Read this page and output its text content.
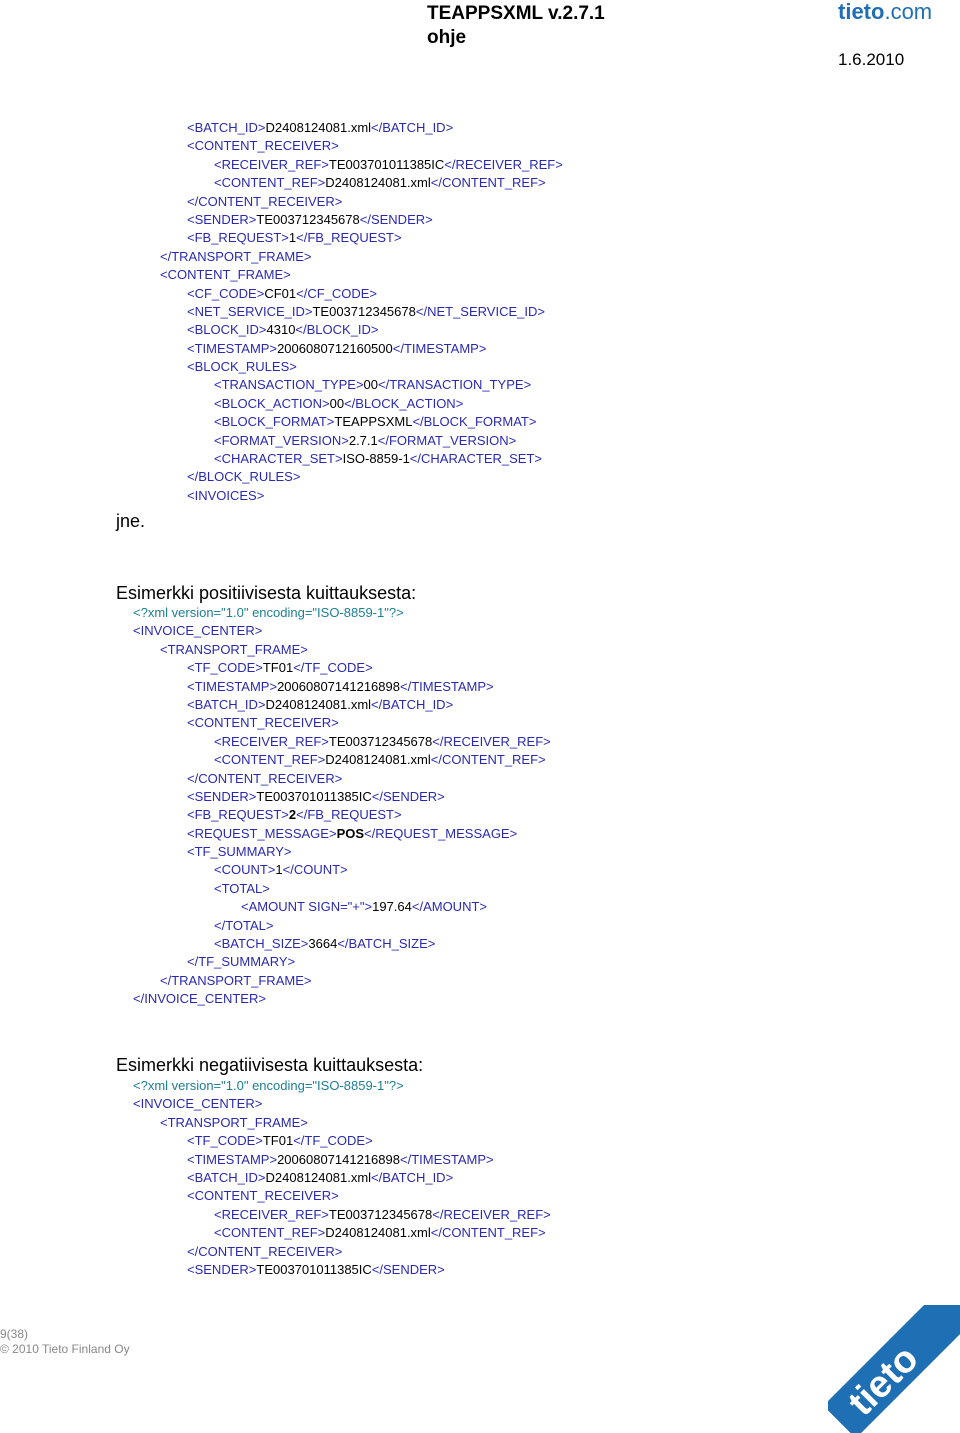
TEAPPSXML v.2.7.1
ohje
tieto.com
1.6.2010
<BATCH_ID>D2408124081.xml</BATCH_ID>
<CONTENT_RECEIVER>
<RECEIVER_REF>TE003701011385IC</RECEIVER_REF>
<CONTENT_REF>D2408124081.xml</CONTENT_REF>
</CONTENT_RECEIVER>
<SENDER>TE003712345678</SENDER>
<FB_REQUEST>1</FB_REQUEST>
</TRANSPORT_FRAME>
<CONTENT_FRAME>
<CF_CODE>CF01</CF_CODE>
<NET_SERVICE_ID>TE003712345678</NET_SERVICE_ID>
<BLOCK_ID>4310</BLOCK_ID>
<TIMESTAMP>2006080712160500</TIMESTAMP>
<BLOCK_RULES>
<TRANSACTION_TYPE>00</TRANSACTION_TYPE>
<BLOCK_ACTION>00</BLOCK_ACTION>
<BLOCK_FORMAT>TEAPPSXML</BLOCK_FORMAT>
<FORMAT_VERSION>2.7.1</FORMAT_VERSION>
<CHARACTER_SET>ISO-8859-1</CHARACTER_SET>
</BLOCK_RULES>
<INVOICES>
jne.
Esimerkki positiivisesta kuittauksesta:
<?xml version="1.0" encoding="ISO-8859-1"?>
<INVOICE_CENTER>
<TRANSPORT_FRAME>
<TF_CODE>TF01</TF_CODE>
<TIMESTAMP>20060807141216898</TIMESTAMP>
<BATCH_ID>D2408124081.xml</BATCH_ID>
<CONTENT_RECEIVER>
<RECEIVER_REF>TE003712345678</RECEIVER_REF>
<CONTENT_REF>D2408124081.xml</CONTENT_REF>
</CONTENT_RECEIVER>
<SENDER>TE003701011385IC</SENDER>
<FB_REQUEST>2</FB_REQUEST>
<REQUEST_MESSAGE>POS</REQUEST_MESSAGE>
<TF_SUMMARY>
<COUNT>1</COUNT>
<TOTAL>
<AMOUNT SIGN="+">197.64</AMOUNT>
</TOTAL>
<BATCH_SIZE>3664</BATCH_SIZE>
</TF_SUMMARY>
</TRANSPORT_FRAME>
</INVOICE_CENTER>
Esimerkki negatiivisesta kuittauksesta:
<?xml version="1.0" encoding="ISO-8859-1"?>
<INVOICE_CENTER>
<TRANSPORT_FRAME>
<TF_CODE>TF01</TF_CODE>
<TIMESTAMP>20060807141216898</TIMESTAMP>
<BATCH_ID>D2408124081.xml</BATCH_ID>
<CONTENT_RECEIVER>
<RECEIVER_REF>TE003712345678</RECEIVER_REF>
<CONTENT_REF>D2408124081.xml</CONTENT_REF>
</CONTENT_RECEIVER>
<SENDER>TE003701011385IC</SENDER>
9(38)
© 2010 Tieto Finland Oy	tieto
